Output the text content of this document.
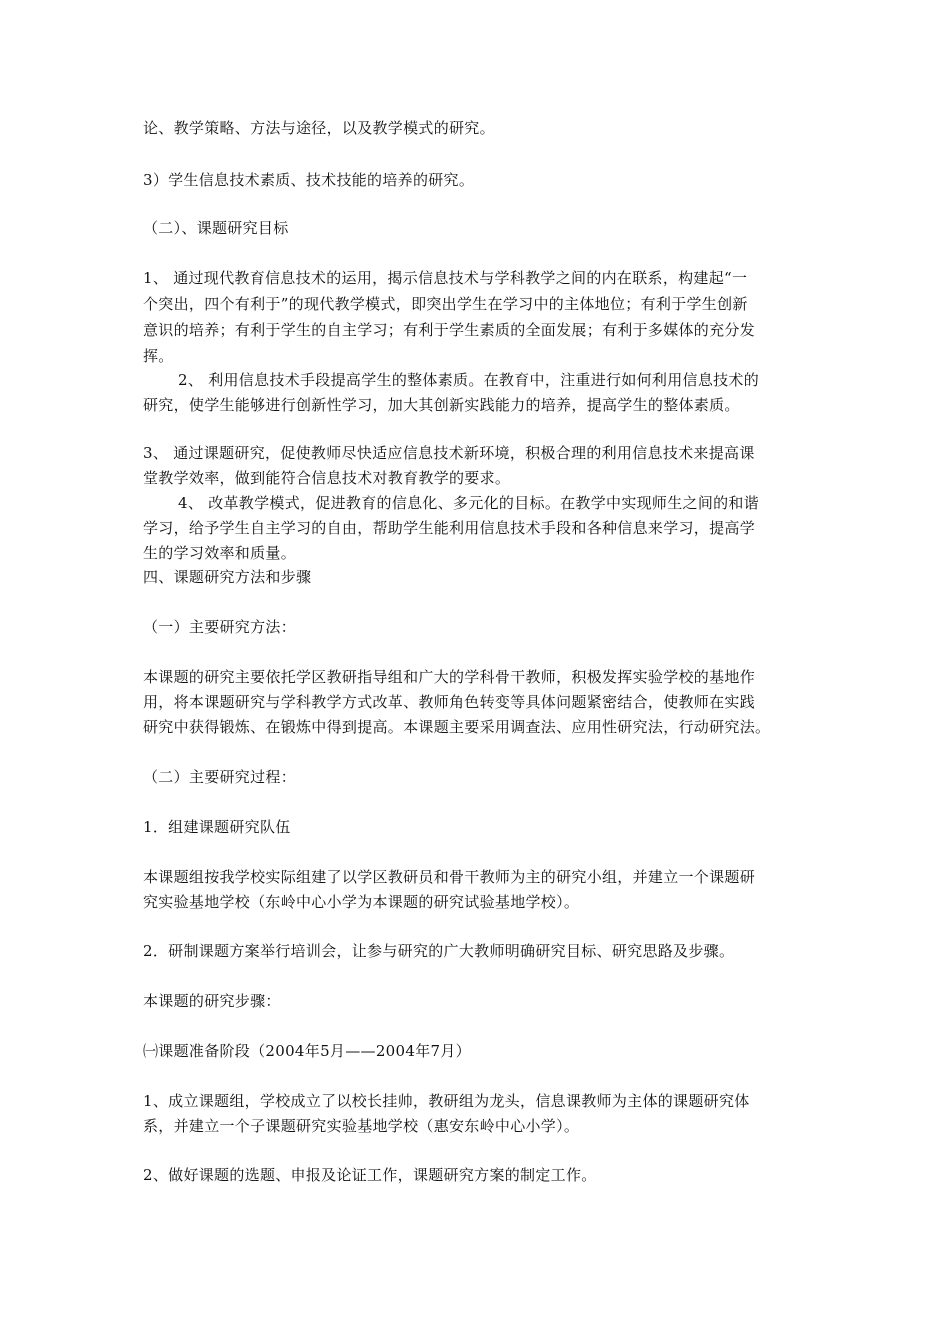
论、教学策略、方法与途径，以及教学模式的研究。
3）学生信息技术素质、技术技能的培养的研究。
（二）、课题研究目标
1、 通过现代教育信息技术的运用，揭示信息技术与学科教学之间的内在联系，构建起“一
个突出，四个有利于”的现代教学模式，即突出学生在学习中的主体地位；有利于学生创新
意识的培养；有利于学生的自主学习；有利于学生素质的全面发展；有利于多媒体的充分发
挥。
2、 利用信息技术手段提高学生的整体素质。在教育中，注重进行如何利用信息技术的
研究，使学生能够进行创新性学习，加大其创新实践能力的培养，提高学生的整体素质。
3、 通过课题研究，促使教师尽快适应信息技术新环境，积极合理的利用信息技术来提高课
堂教学效率，做到能符合信息技术对教育教学的要求。
4、 改革教学模式，促进教育的信息化、多元化的目标。在教学中实现师生之间的和谐
学习，给予学生自主学习的自由，帮助学生能利用信息技术手段和各种信息来学习，提高学
生的学习效率和质量。
四、课题研究方法和步骤
（一）主要研究方法：
本课题的研究主要依托学区教研指导组和广大的学科骨干教师，积极发挥实验学校的基地作
用，将本课题研究与学科教学方式改革、教师角色转变等具体问题紧密结合，使教师在实践
研究中获得锻炼、在锻炼中得到提高。本课题主要采用调查法、应用性研究法，行动研究法。
（二）主要研究过程：
1．组建课题研究队伍
本课题组按我学校实际组建了以学区教研员和骨干教师为主的研究小组，并建立一个课题研
究实验基地学校（东岭中心小学为本课题的研究试验基地学校）。
2．研制课题方案举行培训会，让参与研究的广大教师明确研究目标、研究思路及步骤。
本课题的研究步骤：
㈠课题准备阶段（2004年5月——2004年7月）
1、成立课题组，学校成立了以校长挂帅，教研组为龙头，信息课教师为主体的课题研究体
系，并建立一个子课题研究实验基地学校（惠安东岭中心小学）。
2、做好课题的选题、申报及论证工作，课题研究方案的制定工作。
